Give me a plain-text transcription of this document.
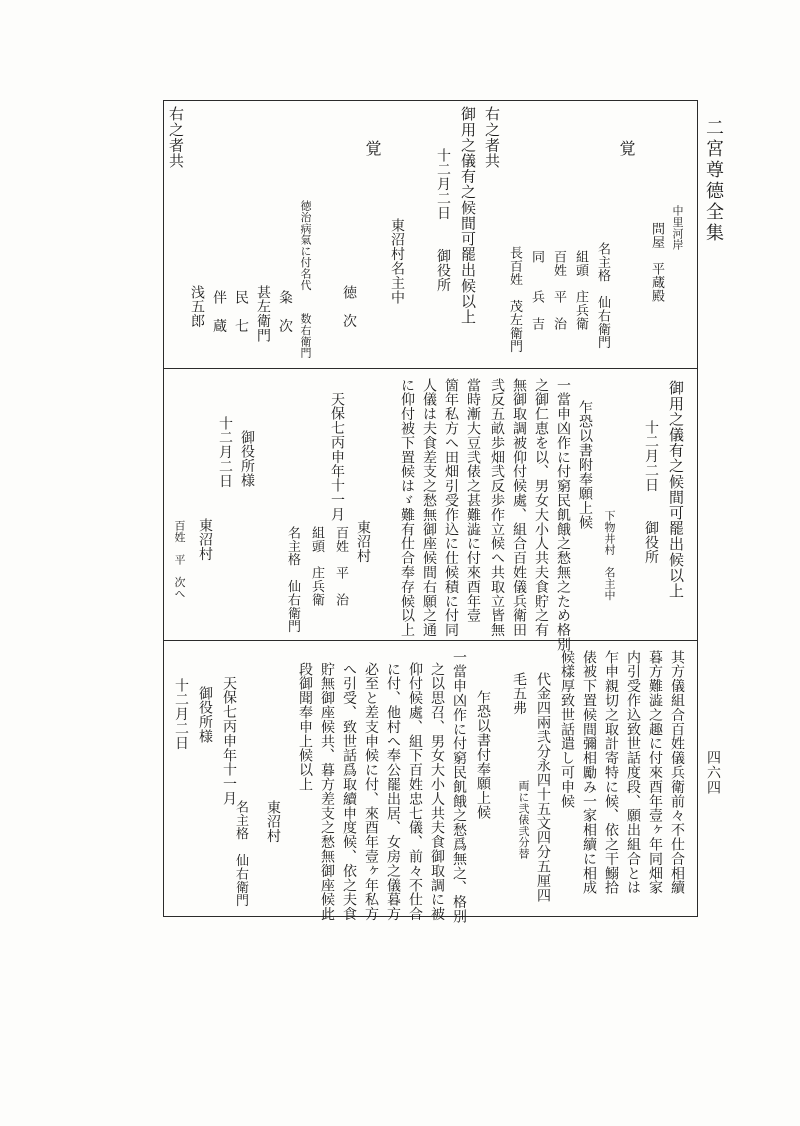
二宮尊德全集
四六四
中里河岸
問屋　平蔵殿
覚
名主格　仙右衛門
組頭　庄兵衛
百姓　平　治
同　　兵　吉
長百姓　茂左衛門
右之者共
御用之儀有之候間可罷出候以上
十二月二日　　御役所
東沼村名主中
覚
徳　次
徳治病氣に付名代　　数右衛門
粂　次
甚左衛門
民　七
伴　蔵
浅五郎
右之者共
御用之儀有之候間可罷出候以上
十二月二日　　御役所
下物井村　名主中
乍恐以書附奉願上候
一當申凶作に付窮民飢餓之愁無之ため格別
之御仁恵を以、男女大小人共夫食貯之有
無御取調被仰付候處、組合百姓儀兵衛田
弐反五畝歩畑弐反歩作立候へ共取立皆無
當時漸大豆弐俵之甚難澁に付來酉年壹
箇年私方へ田畑引受作込に仕候積に付同
人儀は夫食差支之愁無御座候間右願之通
に仰付被下置候はゞ難有仕合奉存候以上
天保七丙申年十一月
東沼村
百姓　平　治
組頭　庄兵衛
名主格　仙右衛門
御役所様
十二月二日
東沼村
百姓　平　次へ
其方儀組合百姓儀兵衛前々不仕合相續
暮方難澁之趣に付來酉年壹ヶ年同畑家
内引受作込致世話度段、願出組合とは
乍申親切之取計寄特に候、依之干鰯拾
俵被下置候間彌相勵み一家相續に相成
候樣厚致世話遣し可申候
代金四兩弐分永四十五文四分五厘四
毛五弗
両に弐俵弐分替
乍恐以書付奉願上候
一當申凶作に付窮民飢餓之愁爲無之、格別
之以思召、男女大小人共夫食御取調に被
仰付候處、組下百姓忠七儀、前々不仕合
に付、他村へ奉公罷出居、女房之儀暮方
必至と差支申候に付、來酉年壹ヶ年私方
へ引受、致世話爲取續申度候、依之夫食
貯無御座候共、暮方差支之愁無御座候此
段御聞奉申上候以上
東沼村
天保七丙申年十一月
名主格　仙右衛門
御役所様
十二月二日
